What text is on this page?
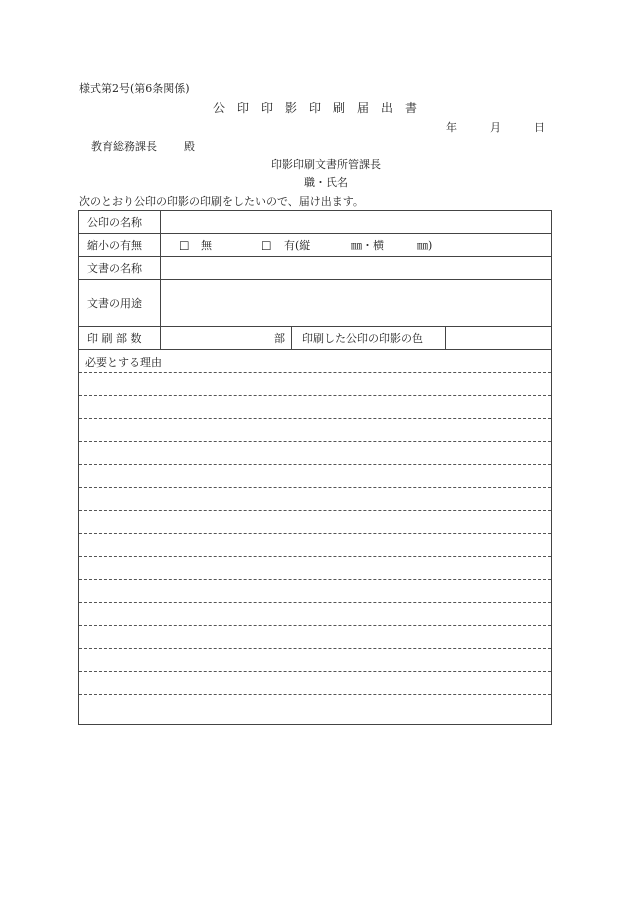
様式第2号(第6条関係)
公　印　印　影　印　刷　届　出　書
年	月	日
教育総務課長 殿
印影印刷文書所管課長
職・氏名
次のとおり公印の印影の印刷をしたいので、届け出ます。
公印の名称
縮小の有無	□ 無	□ 有(縦	㎜・横	㎜)
文書の名称
文書の用途
印 刷 部 数	部	印刷した公印の印影の色
必要とする理由
